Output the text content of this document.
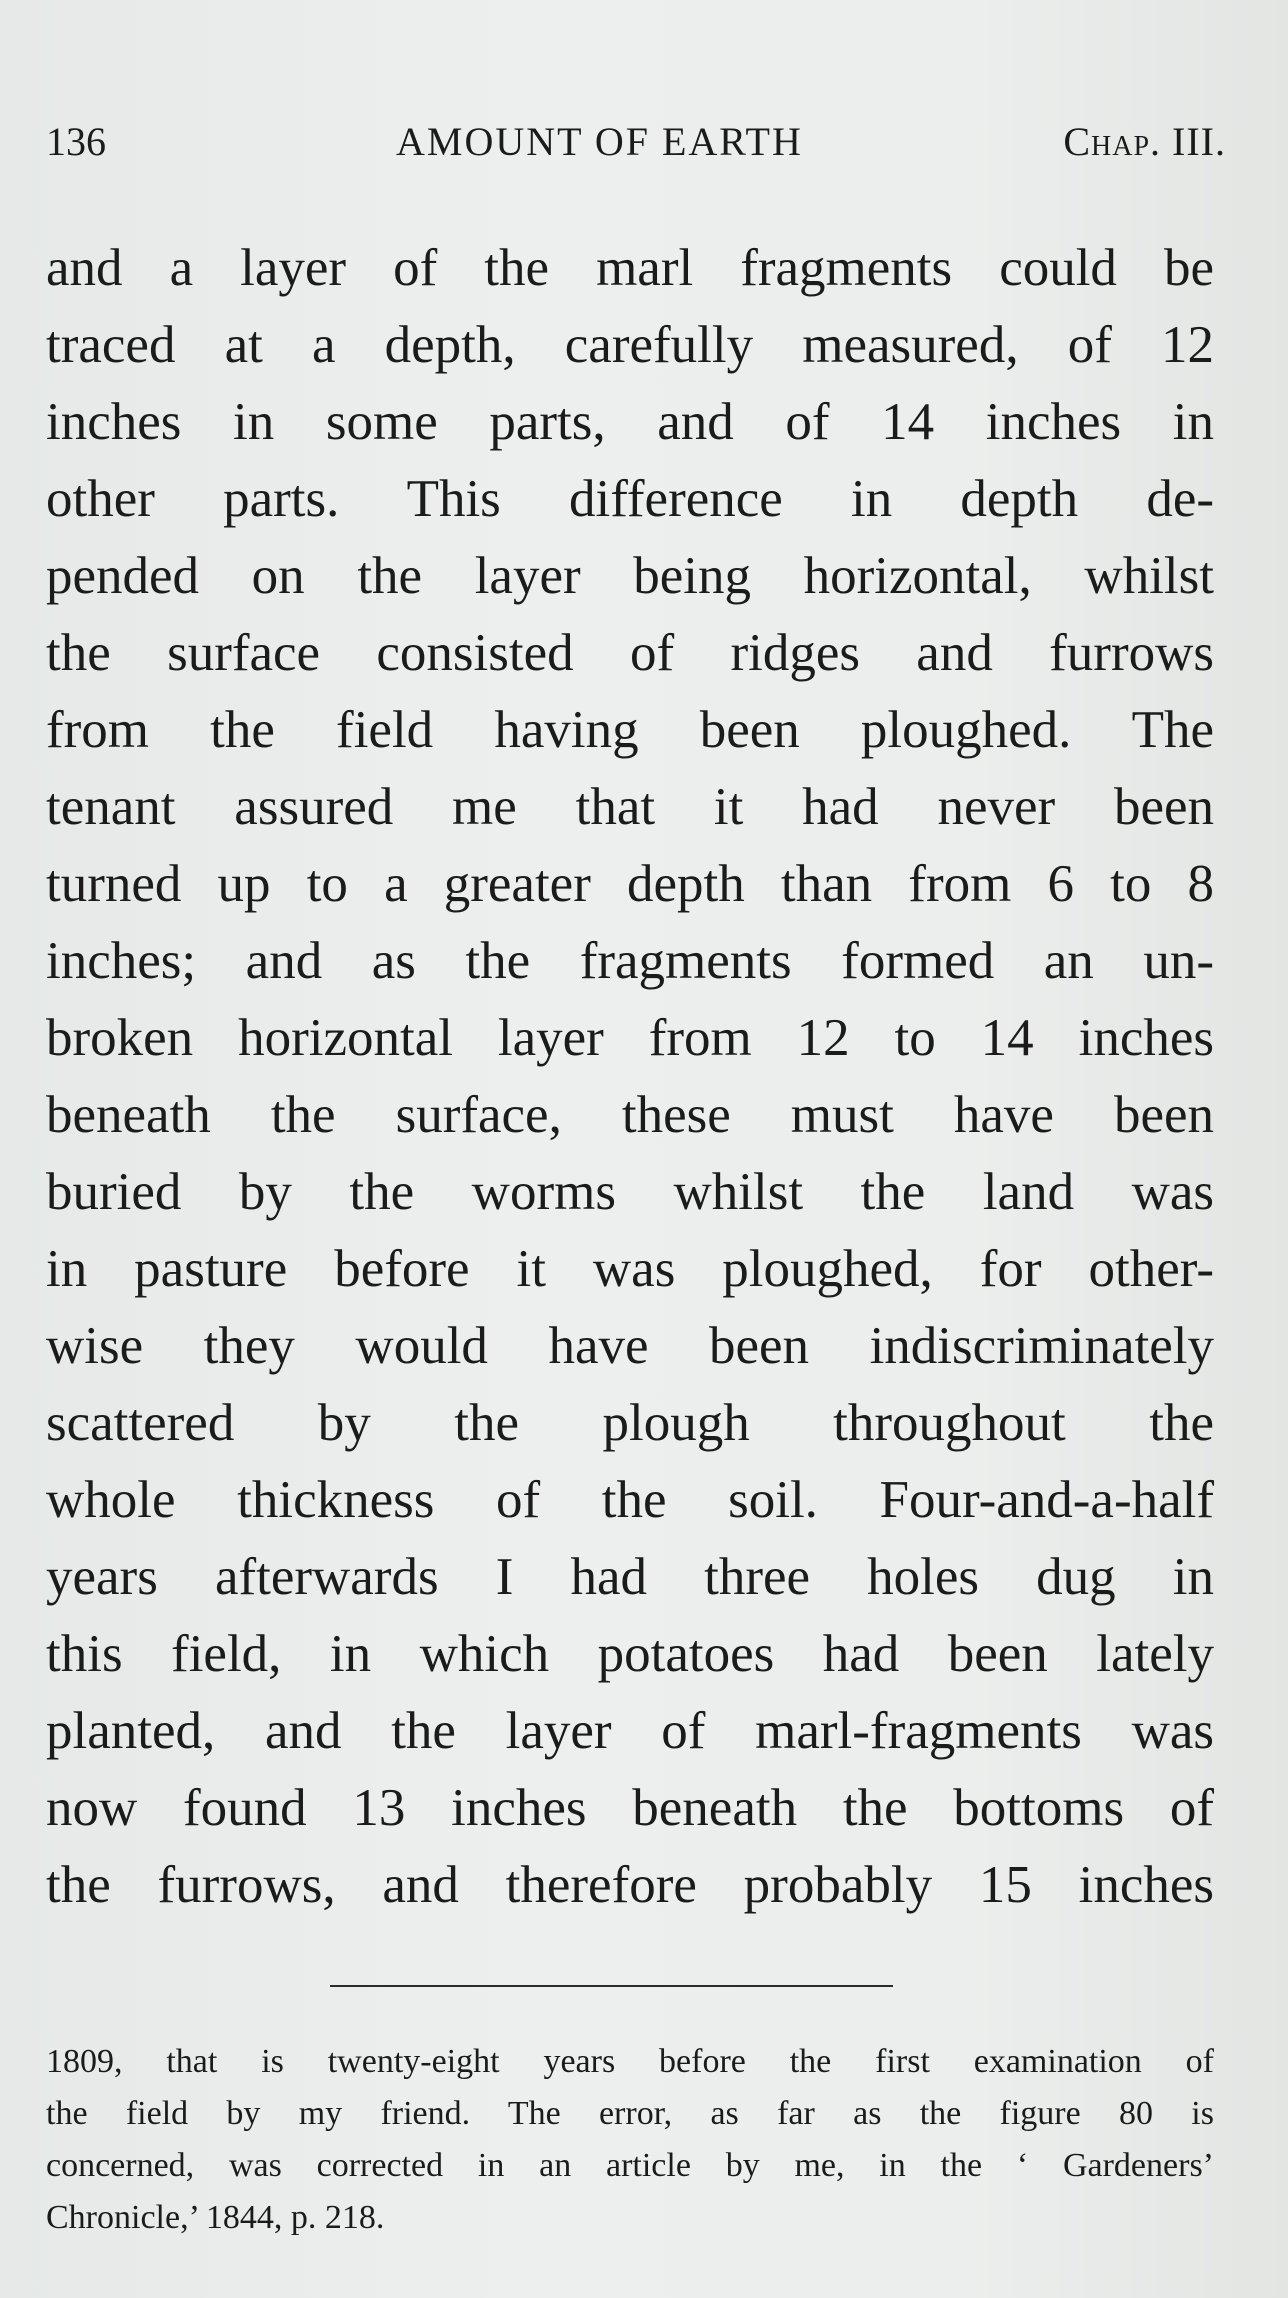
136	AMOUNT OF EARTH	Chap. III.
and a layer of the marl fragments could be
traced at a depth, carefully measured, of 12
inches in some parts, and of 14 inches in
other parts. This difference in depth de-
pended on the layer being horizontal, whilst
the surface consisted of ridges and furrows
from the field having been ploughed. The
tenant assured me that it had never been
turned up to a greater depth than from 6 to 8
inches; and as the fragments formed an un-
broken horizontal layer from 12 to 14 inches
beneath the surface, these must have been
buried by the worms whilst the land was
in pasture before it was ploughed, for other-
wise they would have been indiscriminately
scattered by the plough throughout the
whole thickness of the soil. Four-and-a-half
years afterwards I had three holes dug in
this field, in which potatoes had been lately
planted, and the layer of marl-fragments was
now found 13 inches beneath the bottoms of
the furrows, and therefore probably 15 inches
1809, that is twenty-eight years before the first examination of
the field by my friend. The error, as far as the figure 80 is
concerned, was corrected in an article by me, in the ‘ Gardeners’
Chronicle,’ 1844, p. 218.
